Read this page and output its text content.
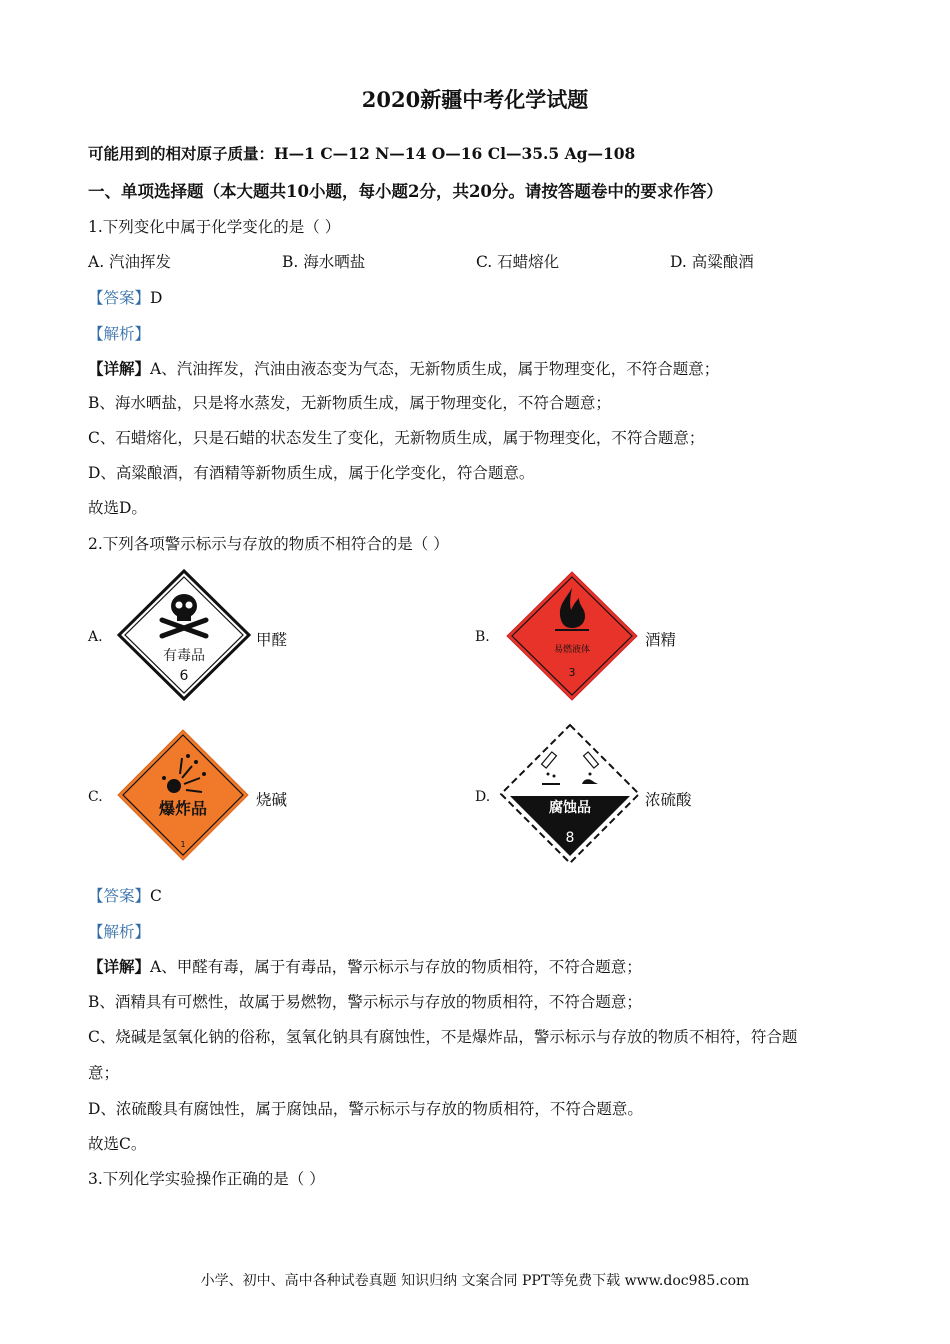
2020新疆中考化学试题
可能用到的相对原子质量：H—1 C—12 N—14 O—16 Cl—35.5 Ag—108
一、单项选择题（本大题共10小题，每小题2分，共20分。请按答题卷中的要求作答）
1.下列变化中属于化学变化的是（ ）
A. 汽油挥发	B. 海水晒盐	C. 石蜡熔化	D. 高粱酿酒
【答案】D
【解析】
【详解】A、汽油挥发，汽油由液态变为气态，无新物质生成，属于物理变化，不符合题意；
B、海水晒盐，只是将水蒸发，无新物质生成，属于物理变化，不符合题意；
C、石蜡熔化，只是石蜡的状态发生了变化，无新物质生成，属于物理变化，不符合题意；
D、高粱酿酒，有酒精等新物质生成，属于化学变化，符合题意。
故选D。
2.下列各项警示标示与存放的物质不相符合的是（ ）
A.
有毒品
6
甲醛	B.
易燃液体
3
酒精
C.
爆炸品
1
烧碱	D.
腐蚀品
8
浓硫酸
【答案】C
【解析】
【详解】A、甲醛有毒，属于有毒品，警示标示与存放的物质相符，不符合题意；
B、酒精具有可燃性，故属于易燃物，警示标示与存放的物质相符，不符合题意；
C、烧碱是氢氧化钠的俗称，氢氧化钠具有腐蚀性，不是爆炸品，警示标示与存放的物质不相符，符合题
意；
D、浓硫酸具有腐蚀性，属于腐蚀品，警示标示与存放的物质相符，不符合题意。
故选C。
3.下列化学实验操作正确的是（ ）
小学、初中、高中各种试卷真题 知识归纳 文案合同 PPT等免费下载 www.doc985.com
